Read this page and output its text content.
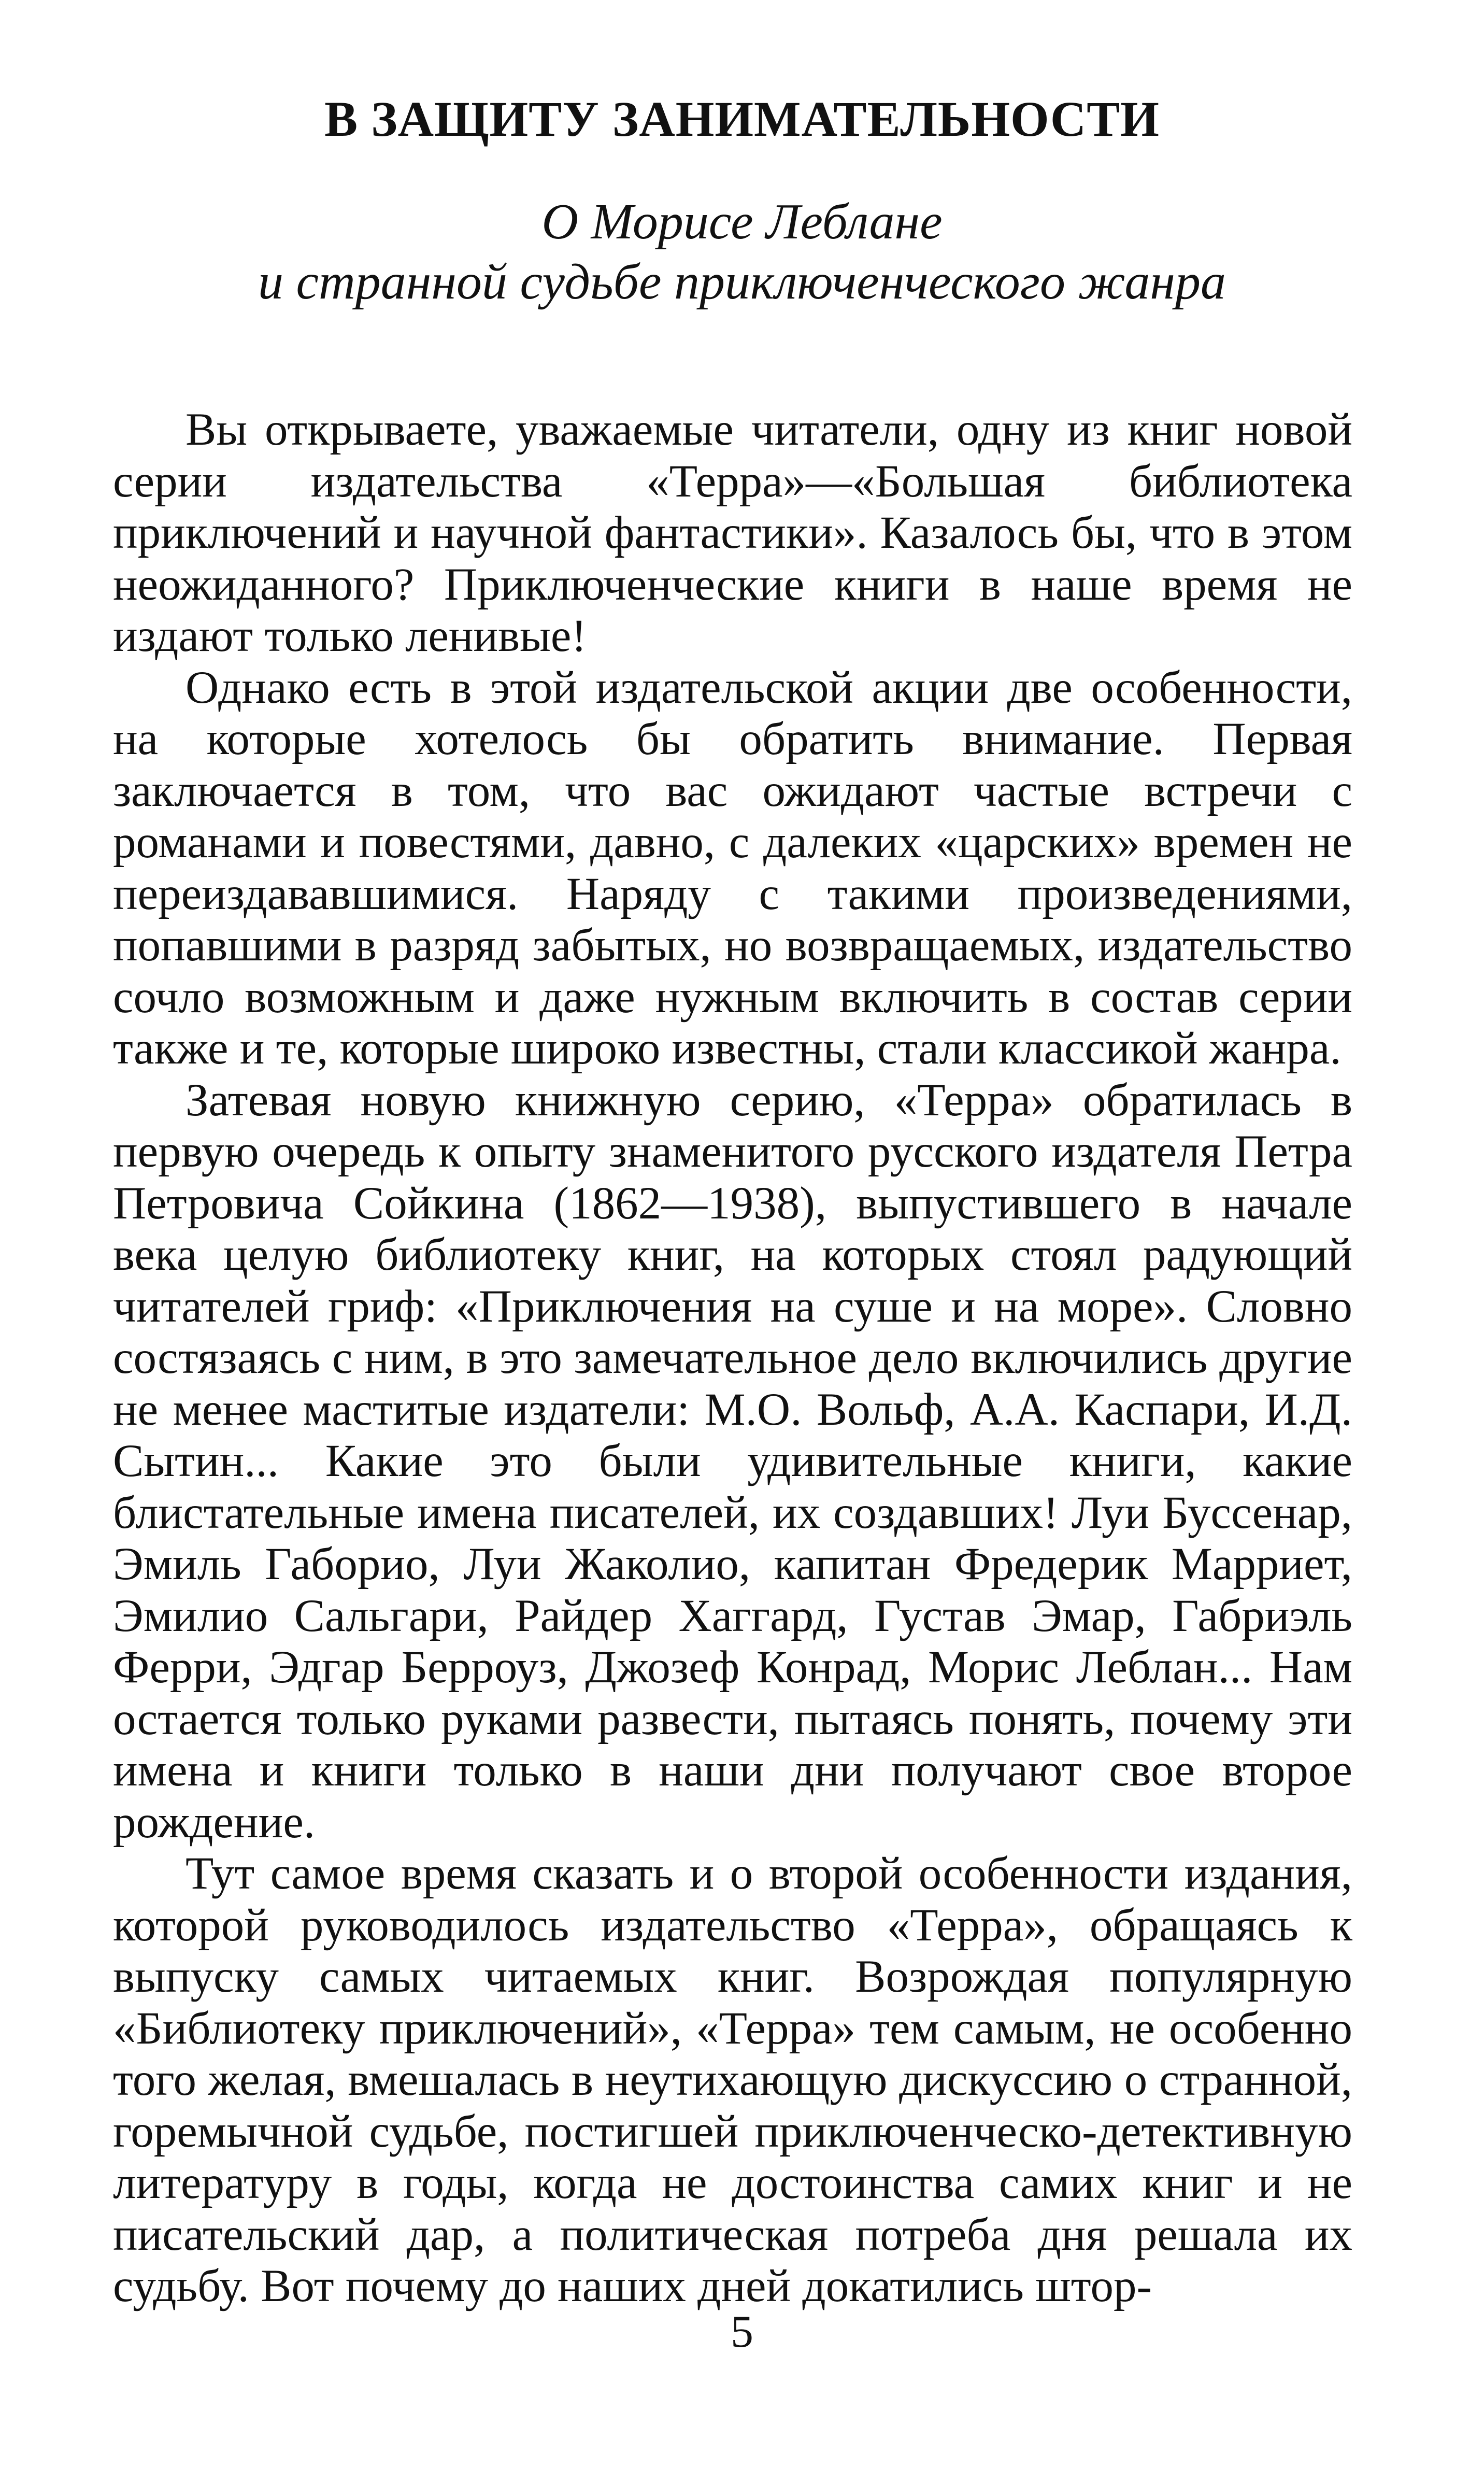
В ЗАЩИТУ ЗАНИМАТЕЛЬНОСТИ
О Морисе Леблане
и странной судьбе приключенческого жанра

Вы открываете, уважаемые читатели, одну из книг новой серии издательства «Терра»—«Большая библиотека приключений и научной фантастики». Казалось бы, что в этом неожиданного? Приключенческие книги в наше время не издают только ленивые!

Однако есть в этой издательской акции две особенности, на которые хотелось бы обратить внимание. Первая заключается в том, что вас ожидают частые встречи с романами и повестями, давно, с далеких «царских» времен не переиздававшимися. Наряду с такими произведениями, попавшими в разряд забытых, но возвращаемых, издательство сочло возможным и даже нужным включить в состав серии также и те, которые широко известны, стали классикой жанра.

Затевая новую книжную серию, «Терра» обратилась в первую очередь к опыту знаменитого русского издателя Петра Петровича Сойкина (1862—1938), выпустившего в начале века целую библиотеку книг, на которых стоял радующий читателей гриф: «Приключения на суше и на море». Словно состязаясь с ним, в это замечательное дело включились другие не менее маститые издатели: М.О. Вольф, А.А. Каспари, И.Д. Сытин... Какие это были удивительные книги, какие блистательные имена писателей, их создавших! Луи Буссенар, Эмиль Габорио, Луи Жаколио, капитан Фредерик Марриет, Эмилио Сальгари, Райдер Хаггард, Густав Эмар, Габриэль Ферри, Эдгар Берроуз, Джозеф Конрад, Морис Леблан... Нам остается только руками развести, пытаясь понять, почему эти имена и книги только в наши дни получают свое второе рождение.

Тут самое время сказать и о второй особенности издания, которой руководилось издательство «Терра», обращаясь к выпуску самых читаемых книг. Возрождая популярную «Библиотеку приключений», «Терра» тем самым, не особенно того желая, вмешалась в неутихающую дискуссию о странной, горемычной судьбе, постигшей приключенческо-детективную литературу в годы, когда не достоинства самих книг и не писательский дар, а политическая потреба дня решала их судьбу. Вот почему до наших дней докатились штор-

5
